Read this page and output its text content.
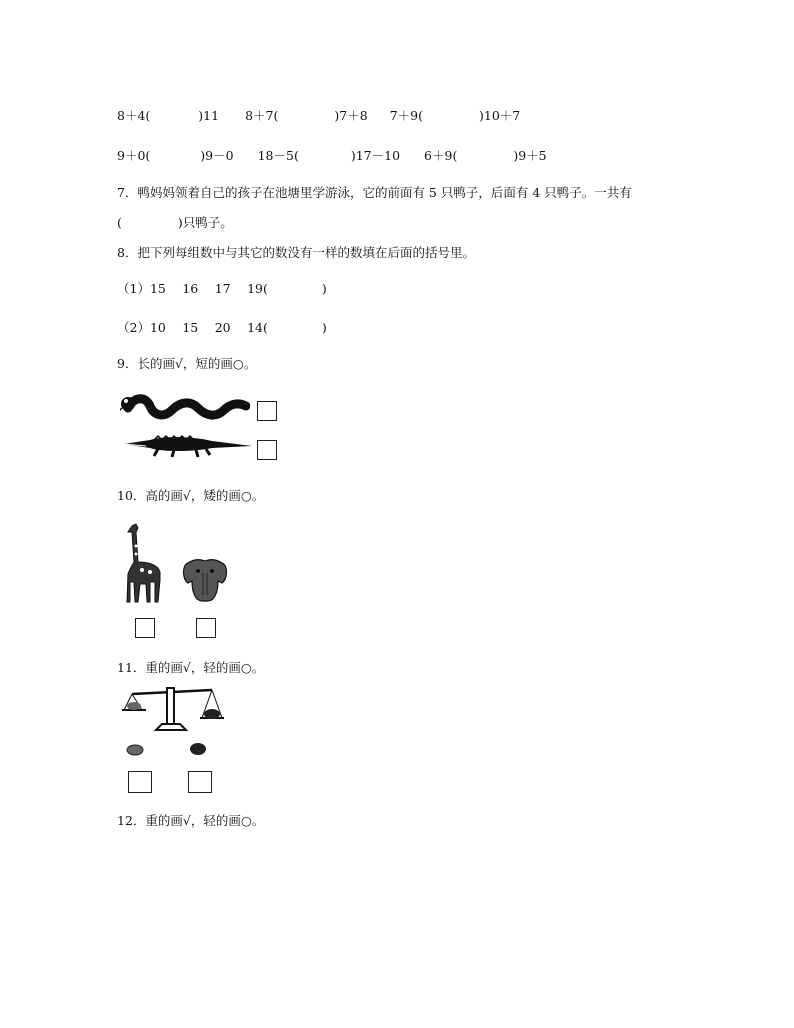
8＋4(	)11 8＋7(	)7＋8 7＋9(	)10＋7
9＋0(	)9－0 18－5(	)17－10 6＋9(	)9＋5
7．鸭妈妈领着自己的孩子在池塘里学游泳，它的前面有 5 只鸭子，后面有 4 只鸭子。一共有
(	)只鸭子。
8．把下列每组数中与其它的数没有一样的数填在后面的括号里。
（1）15　 16　 17　 19(	)
（2）10　 15　 20　 14(	)
9．长的画√，短的画○。
10．高的画√，矮的画○。
11．重的画√，轻的画○。
12．重的画√，轻的画○。
